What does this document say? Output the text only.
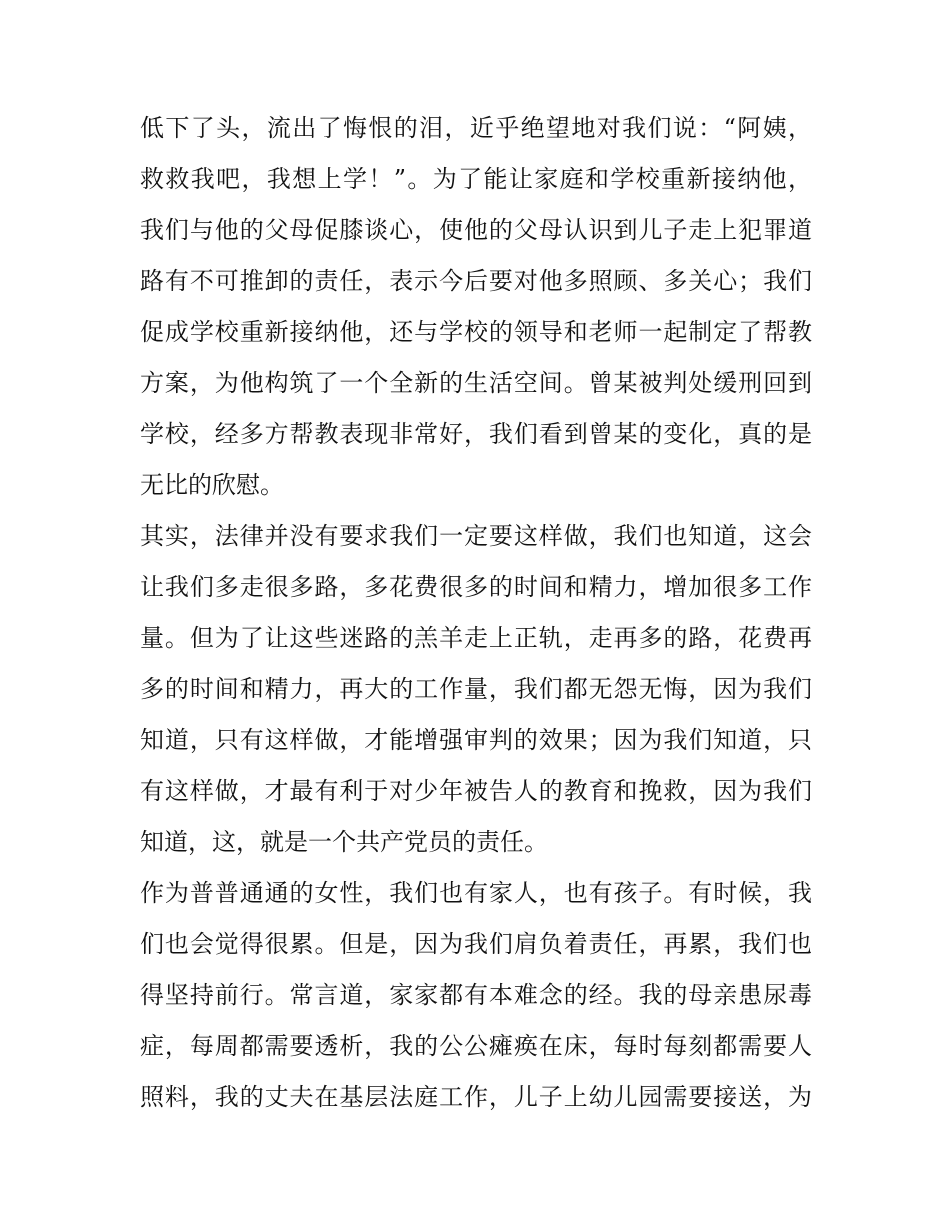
低下了头，流出了悔恨的泪，近乎绝望地对我们说：“阿姨，
救救我吧，我想上学！”。为了能让家庭和学校重新接纳他，
我们与他的父母促膝谈心，使他的父母认识到儿子走上犯罪道
路有不可推卸的责任，表示今后要对他多照顾、多关心；我们
促成学校重新接纳他，还与学校的领导和老师一起制定了帮教
方案，为他构筑了一个全新的生活空间。曾某被判处缓刑回到
学校，经多方帮教表现非常好，我们看到曾某的变化，真的是
无比的欣慰。
其实，法律并没有要求我们一定要这样做，我们也知道，这会
让我们多走很多路，多花费很多的时间和精力，增加很多工作
量。但为了让这些迷路的羔羊走上正轨，走再多的路，花费再
多的时间和精力，再大的工作量，我们都无怨无悔，因为我们
知道，只有这样做，才能增强审判的效果；因为我们知道，只
有这样做，才最有利于对少年被告人的教育和挽救，因为我们
知道，这，就是一个共产党员的责任。
作为普普通通的女性，我们也有家人，也有孩子。有时候，我
们也会觉得很累。但是，因为我们肩负着责任，再累，我们也
得坚持前行。常言道，家家都有本难念的经。我的母亲患尿毒
症，每周都需要透析，我的公公瘫痪在床，每时每刻都需要人
照料，我的丈夫在基层法庭工作，儿子上幼儿园需要接送，为
